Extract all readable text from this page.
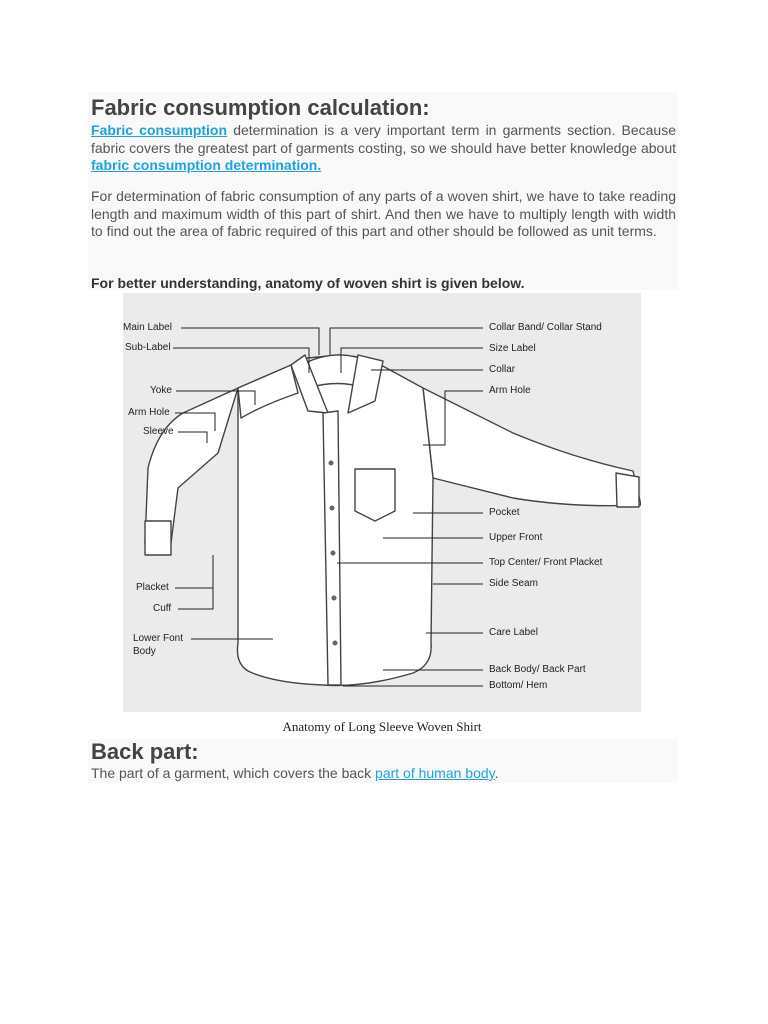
Fabric consumption calculation:
Fabric consumption determination is a very important term in garments section. Because fabric covers the greatest part of garments costing, so we should have better knowledge about fabric consumption determination.
For determination of fabric consumption of any parts of a woven shirt, we have to take reading length and maximum width of this part of shirt. And then we have to multiply length with width to find out the area of fabric required of this part and other should be followed as unit terms.
For better understanding, anatomy of woven shirt is given below.
Main Label
Sub-Label
Yoke
Arm Hole
Sleeve
Placket
Cuff
Lower Font
Body
Collar Band/ Collar Stand
Size Label
Collar
Arm Hole
Pocket
Upper Front
Top Center/ Front Placket
Side Seam
Care Label
Back Body/ Back Part
Bottom/ Hem
Anatomy of Long Sleeve Woven Shirt
Back part:
The part of a garment, which covers the back part of human body.
